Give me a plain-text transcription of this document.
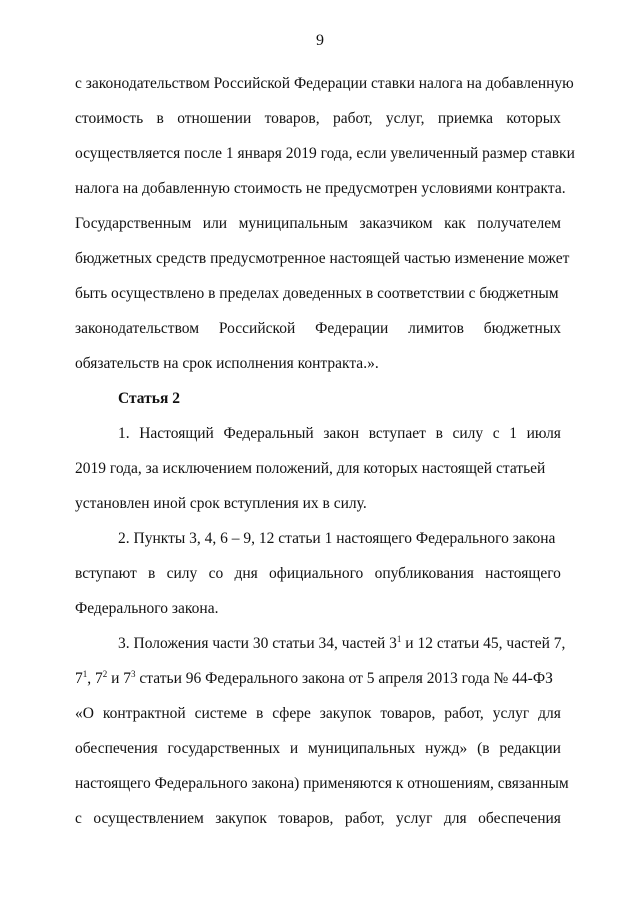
9
с законодательством Российской Федерации ставки налога на добавленную
стоимость в отношении товаров, работ, услуг, приемка которых
осуществляется после 1 января 2019 года, если увеличенный размер ставки
налога на добавленную стоимость не предусмотрен условиями контракта.
Государственным или муниципальным заказчиком как получателем
бюджетных средств предусмотренное настоящей частью изменение может
быть осуществлено в пределах доведенных в соответствии с бюджетным
законодательством Российской Федерации лимитов бюджетных
обязательств на срок исполнения контракта.».
Статья 2
1. Настоящий Федеральный закон вступает в силу с 1 июля
2019 года, за исключением положений, для которых настоящей статьей
установлен иной срок вступления их в силу.
2. Пункты 3, 4, 6 – 9, 12 статьи 1 настоящего Федерального закона
вступают в силу со дня официального опубликования настоящего
Федерального закона.
3. Положения части 30 статьи 34, частей $3^1$ и 12 статьи 45, частей 7,
$7^1$, $7^2$ и $7^3$ статьи 96 Федерального закона от 5 апреля 2013 года № 44-ФЗ
«О контрактной системе в сфере закупок товаров, работ, услуг для
обеспечения государственных и муниципальных нужд» (в редакции
настоящего Федерального закона) применяются к отношениям, связанным
с осуществлением закупок товаров, работ, услуг для обеспечения
